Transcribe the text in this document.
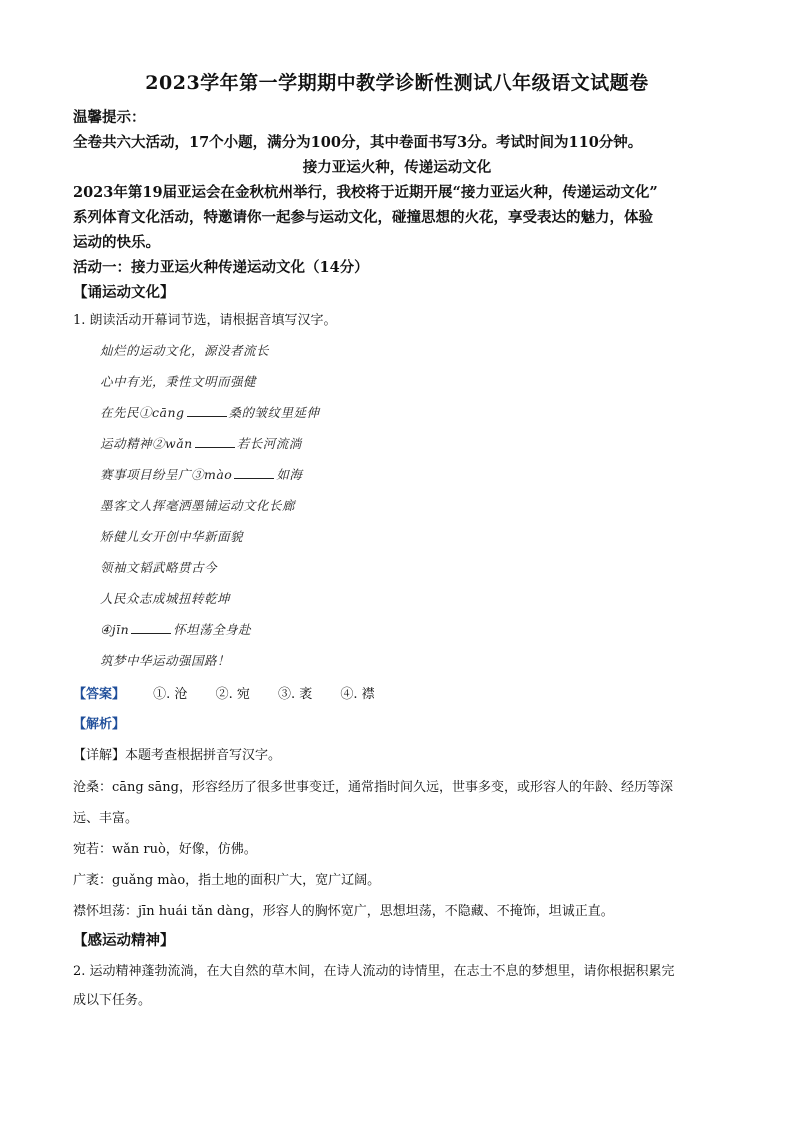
2023学年第一学期期中教学诊断性测试八年级语文试题卷
温馨提示：
全卷共六大活动，17个小题，满分为100分，其中卷面书写3分。考试时间为110分钟。
接力亚运火种，传递运动文化
2023年第19届亚运会在金秋杭州举行，我校将于近期开展“接力亚运火种，传递运动文化”
系列体育文化活动，特邀请你一起参与运动文化，碰撞思想的火花，享受表达的魅力，体验
运动的快乐。
活动一：接力亚运火种传递运动文化（14分）
【诵运动文化】
1. 朗读活动开幕词节选，请根据音填写汉字。
灿烂的运动文化，源没者流长
心中有光，秉性文明而强健
在先民①cāng	桑的皱纹里延伸
运动精神②wǎn	若长河流淌
赛事项目纷呈广③mào	如海
墨客文人挥毫洒墨铺运动文化长廊
矫健儿女开创中华新面貌
领袖文韬武略贯古今
人民众志成城扭转乾坤
④jīn	怀坦荡全身赴
筑梦中华运动强国路！
【答案】 ①. 沧 ②. 宛 ③. 袤 ④. 襟
【解析】
【详解】本题考查根据拼音写汉字。
沧桑：cāng sāng，形容经历了很多世事变迁，通常指时间久远，世事多变，或形容人的年龄、经历等深
远、丰富。
宛若：wǎn ruò，好像，仿佛。
广袤：guǎng mào，指土地的面积广大，宽广辽阔。
襟怀坦荡：jīn huái tǎn dàng，形容人的胸怀宽广，思想坦荡，不隐藏、不掩饰，坦诚正直。
【感运动精神】
2. 运动精神蓬勃流淌，在大自然的草木间，在诗人流动的诗情里，在志士不息的梦想里，请你根据积累完
成以下任务。
